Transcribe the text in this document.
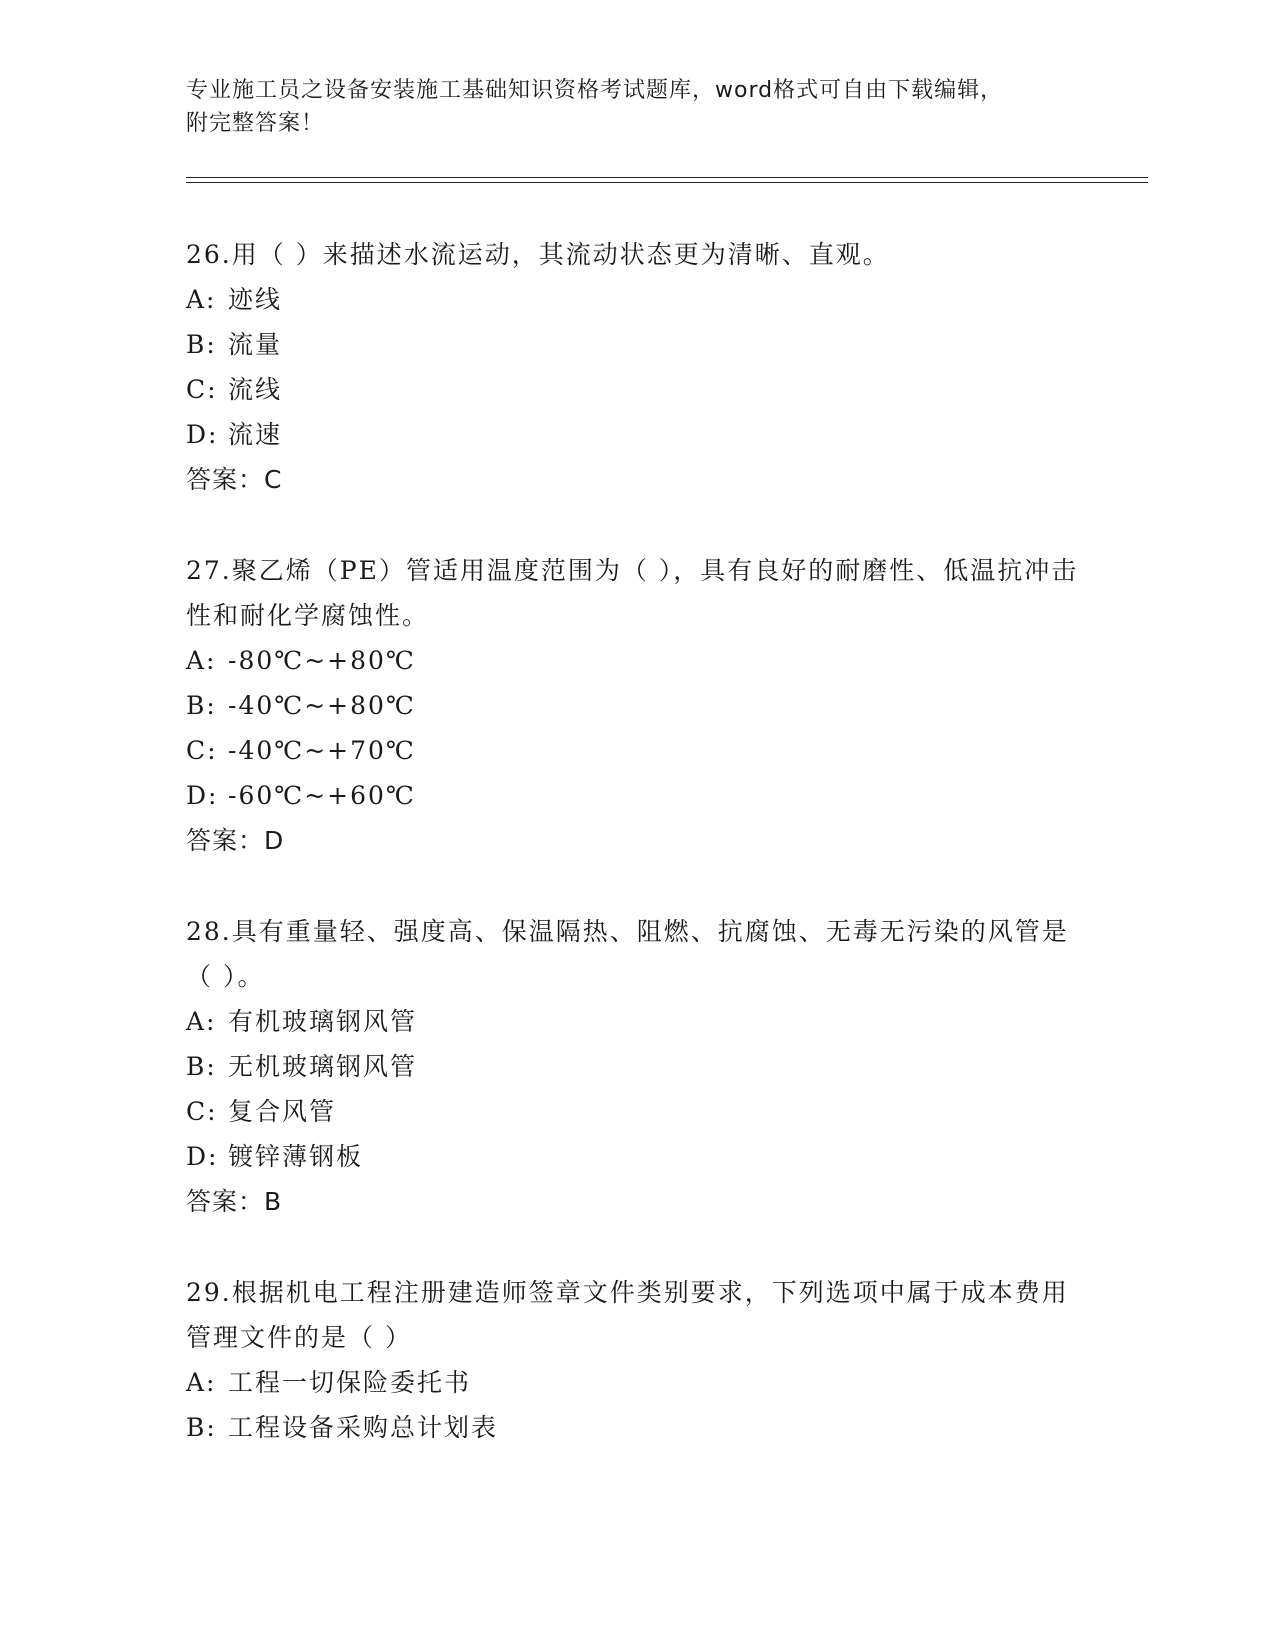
专业施工员之设备安装施工基础知识资格考试题库，word格式可自由下载编辑，
附完整答案！

26.用（ ）来描述水流运动，其流动状态更为清晰、直观。

A: 迹线

B: 流量

C: 流线

D: 流速

答案：C

27.聚乙烯（PE）管适用温度范围为（ ），具有良好的耐磨性、低温抗冲击性和耐化学腐蚀性。

A: -80℃~+80℃

B: -40℃~+80℃

C: -40℃~+70℃

D: -60℃~+60℃

答案：D

28.具有重量轻、强度高、保温隔热、阻燃、抗腐蚀、无毒无污染的风管是（ ）。

A: 有机玻璃钢风管

B: 无机玻璃钢风管

C: 复合风管

D: 镀锌薄钢板

答案：B

29.根据机电工程注册建造师签章文件类别要求，下列选项中属于成本费用管理文件的是（ ）

A: 工程一切保险委托书

B: 工程设备采购总计划表
